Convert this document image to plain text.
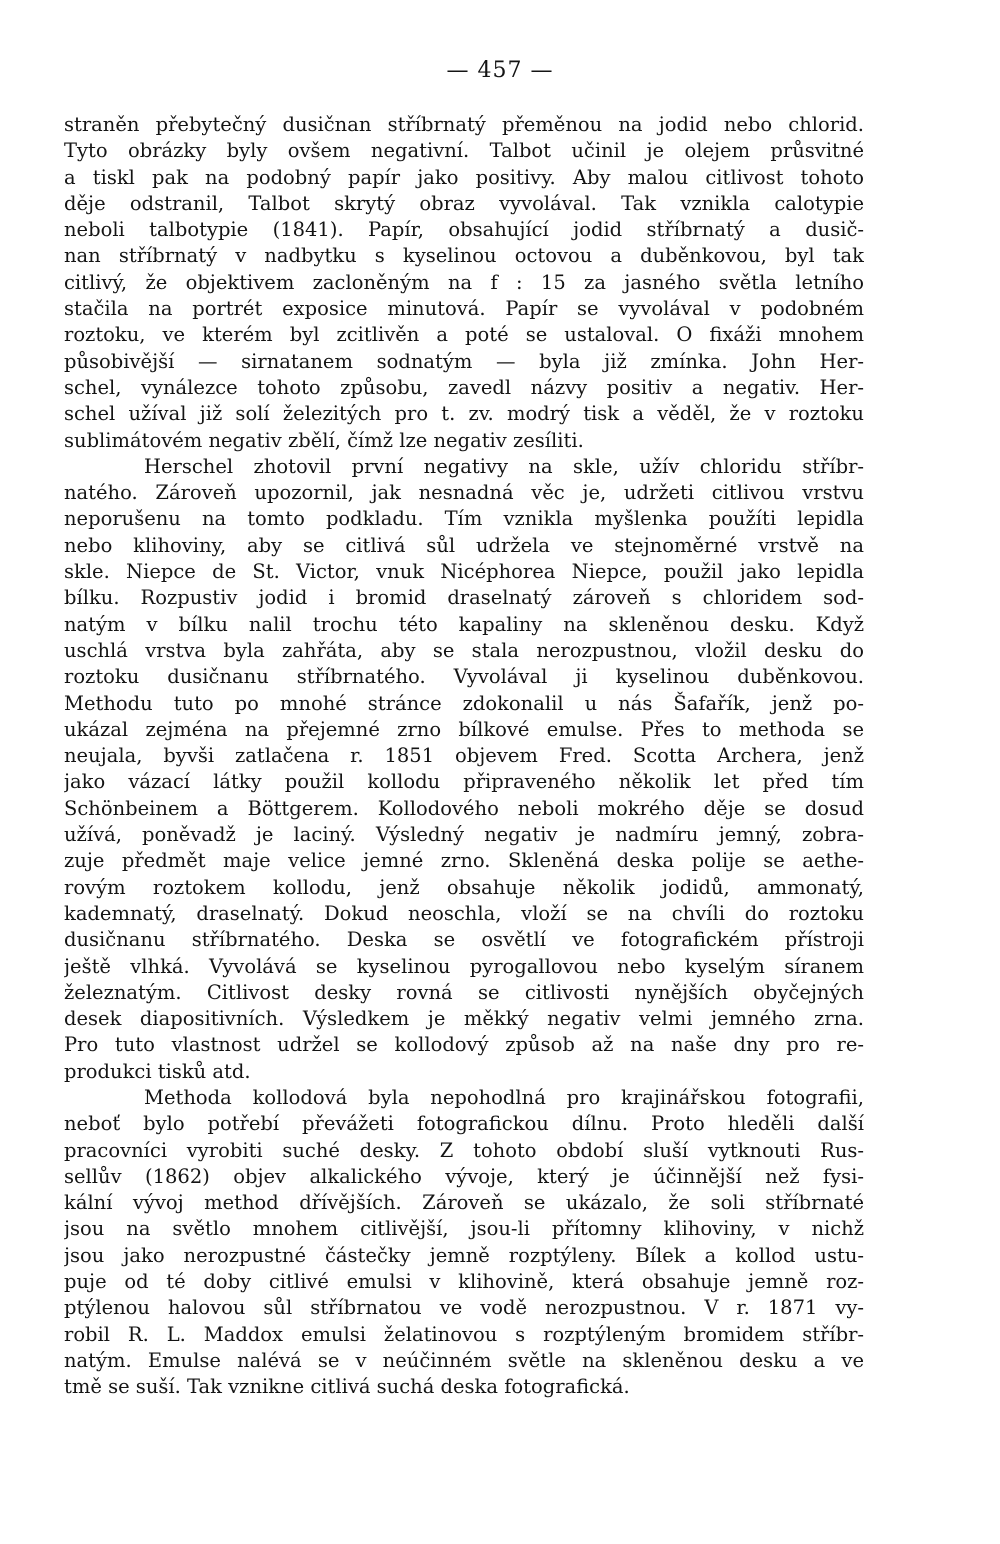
— 457 —
straněn přebytečný dusičnan stříbrnatý přeměnou na jodid nebo chlorid.
Tyto obrázky byly ovšem negativní. Talbot učinil je olejem průsvitné
a tiskl pak na podobný papír jako positivy. Aby malou citlivost tohoto
děje odstranil, Talbot skrytý obraz vyvolával. Tak vznikla calotypie
neboli talbotypie (1841). Papír, obsahující jodid stříbrnatý a dusič-
nan stříbrnatý v nadbytku s kyselinou octovou a duběnkovou, byl tak
citlivý, že objektivem zacloněným na f : 15 za jasného světla letního
stačila na portrét exposice minutová. Papír se vyvolával v podobném
roztoku, ve kterém byl zcitlivěn a poté se ustaloval. O fixáži mnohem
působivější — sirnatanem sodnatým — byla již zmínka. John Her-
schel, vynálezce tohoto způsobu, zavedl názvy positiv a negativ. Her-
schel užíval již solí železitých pro t. zv. modrý tisk a věděl, že v roztoku
sublimátovém negativ zbělí, čímž lze negativ zesíliti.
Herschel zhotovil první negativy na skle, užív chloridu stříbr-
natého. Zároveň upozornil, jak nesnadná věc je, udržeti citlivou vrstvu
neporušenu na tomto podkladu. Tím vznikla myšlenka použíti lepidla
nebo klihoviny, aby se citlivá sůl udržela ve stejnoměrné vrstvě na
skle. Niepce de St. Victor, vnuk Nicéphorea Niepce, použil jako lepidla
bílku. Rozpustiv jodid i bromid draselnatý zároveň s chloridem sod-
natým v bílku nalil trochu této kapaliny na skleněnou desku. Když
uschlá vrstva byla zahřáta, aby se stala nerozpustnou, vložil desku do
roztoku dusičnanu stříbrnatého. Vyvolával ji kyselinou duběnkovou.
Methodu tuto po mnohé stránce zdokonalil u nás Šafařík, jenž po-
ukázal zejména na přejemné zrno bílkové emulse. Přes to methoda se
neujala, byvši zatlačena r. 1851 objevem Fred. Scotta Archera, jenž
jako vázací látky použil kollodu připraveného několik let před tím
Schönbeinem a Böttgerem. Kollodového neboli mokrého děje se dosud
užívá, poněvadž je laciný. Výsledný negativ je nadmíru jemný, zobra-
zuje předmět maje velice jemné zrno. Skleněná deska polije se aethe-
rovým roztokem kollodu, jenž obsahuje několik jodidů, ammonatý,
kademnatý, draselnatý. Dokud neoschla, vloží se na chvíli do roztoku
dusičnanu stříbrnatého. Deska se osvětlí ve fotografickém přístroji
ještě vlhká. Vyvolává se kyselinou pyrogallovou nebo kyselým síranem
železnatým. Citlivost desky rovná se citlivosti nynějších obyčejných
desek diapositivních. Výsledkem je měkký negativ velmi jemného zrna.
Pro tuto vlastnost udržel se kollodový způsob až na naše dny pro re-
produkci tisků atd.
Methoda kollodová byla nepohodlná pro krajinářskou fotografii,
neboť bylo potřebí převážeti fotografickou dílnu. Proto hleděli další
pracovníci vyrobiti suché desky. Z tohoto období sluší vytknouti Rus-
sellův (1862) objev alkalického vývoje, který je účinnější než fysi-
kální vývoj method dřívějších. Zároveň se ukázalo, že soli stříbrnaté
jsou na světlo mnohem citlivější, jsou-li přítomny klihoviny, v nichž
jsou jako nerozpustné částečky jemně rozptýleny. Bílek a kollod ustu-
puje od té doby citlivé emulsi v klihovině, která obsahuje jemně roz-
ptýlenou halovou sůl stříbrnatou ve vodě nerozpustnou. V r. 1871 vy-
robil R. L. Maddox emulsi želatinovou s rozptýleným bromidem stříbr-
natým. Emulse nalévá se v neúčinném světle na skleněnou desku a ve
tmě se suší. Tak vznikne citlivá suchá deska fotografická.
